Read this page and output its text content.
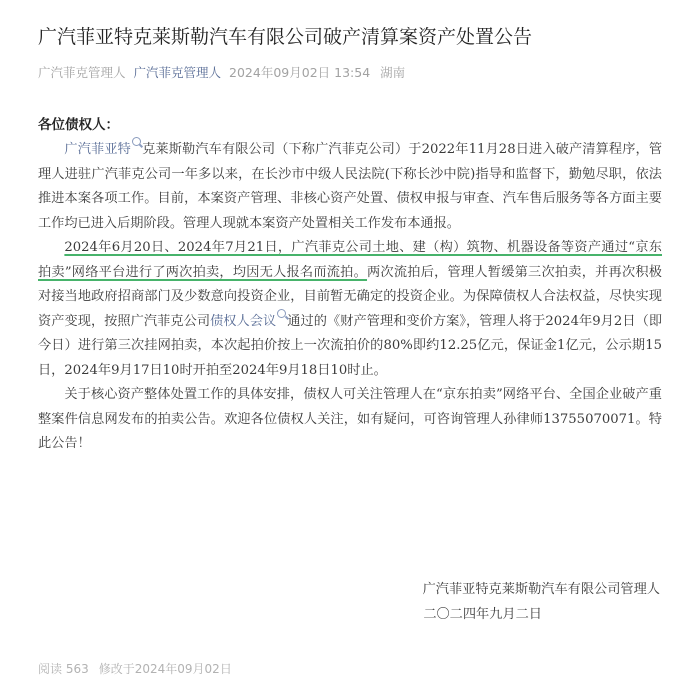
广汽菲亚特克莱斯勒汽车有限公司破产清算案资产处置公告
广汽菲克管理人 广汽菲克管理人 2024年09月02日 13:54 湖南

各位债权人：

广汽菲亚特 克莱斯勒汽车有限公司（下称广汽菲克公司）于2022年11月28日进入破产清算程序，管理人进驻广汽菲克公司一年多以来，在长沙市中级人民法院(下称长沙中院)指导和监督下，勤勉尽职，依法推进本案各项工作。目前，本案资产管理、非核心资产处置、债权申报与审查、汽车售后服务等各方面主要工作均已进入后期阶段。管理人现就本案资产处置相关工作发布本通报。

2024年6月20日、2024年7月21日，广汽菲克公司土地、建（构）筑物、机器设备等资产通过“京东拍卖”网络平台进行了两次拍卖，均因无人报名而流拍。两次流拍后，管理人暂缓第三次拍卖，并再次积极对接当地政府招商部门及少数意向投资企业，目前暂无确定的投资企业。为保障债权人合法权益，尽快实现资产变现，按照广汽菲克公司债权人会议 通过的《财产管理和变价方案》，管理人将于2024年9月2日（即今日）进行第三次挂网拍卖，本次起拍价按上一次流拍价的80%即约12.25亿元，保证金1亿元，公示期15日，2024年9月17日10时开拍至2024年9月18日10时止。

关于核心资产整体处置工作的具体安排，债权人可关注管理人在“京东拍卖”网络平台、全国企业破产重整案件信息网发布的拍卖公告。欢迎各位债权人关注，如有疑问，可咨询管理人孙律师13755070071。特此公告！

广汽菲亚特克莱斯勒汽车有限公司管理人
二〇二四年九月二日
阅读 563 修改于2024年09月02日
